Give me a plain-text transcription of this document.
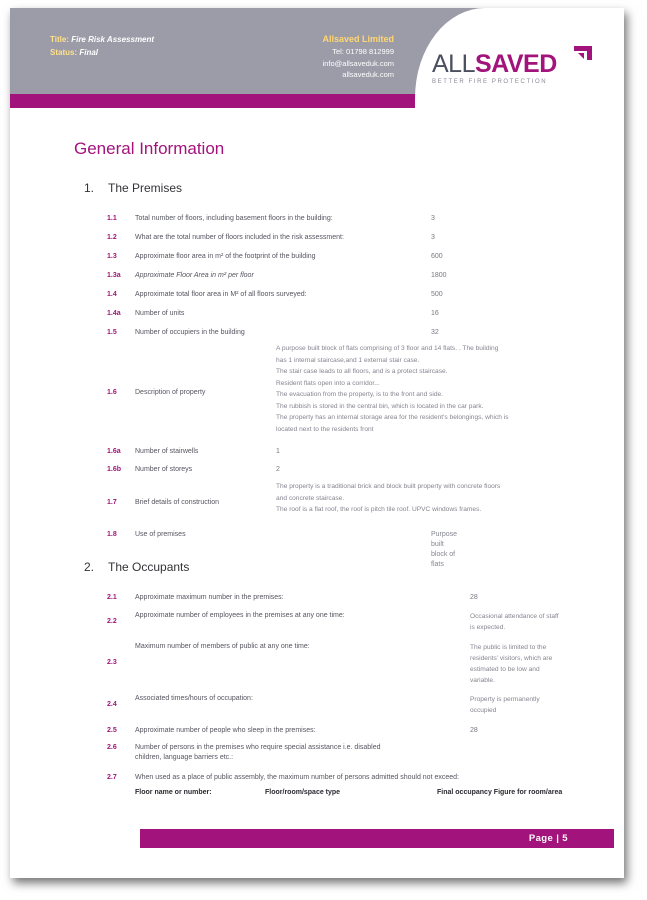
Title: Fire Risk Assessment
Status: Final
Allsaved Limited
Tel: 01798 812999
info@allsaveduk.com
allsaveduk.com ALLSAVED
BETTER FIRE PROTECTION
General Information
1. The Premises
1.1	Total number of floors, including basement floors in the building:	3
1.2	What are the total number of floors included in the risk assessment:	3
1.3	Approximate floor area in m² of the footprint of the building	600
1.3a	Approximate Floor Area in m² per floor	1800
1.4	Approximate total floor area in M² of all floors surveyed:	500
1.4a	Number of units	16
1.5	Number of occupiers in the building	32
1.6	Description of property
A purpose built block of flats comprising of 3 floor and 14 flats. . The building
has 1 internal staircase,and 1 external stair case.
The stair case leads to all floors, and is a protect staircase.
Resident flats open into a corridor...
The evacuation from the property, is to the front and side.
The rubbish is stored in the central bin, which is located in the car park.
The property has an internal storage area for the resident's belongings, which is
located next to the residents front
1.6a	Number of stairwells	1
1.6b	Number of storeys	2
1.7	Brief details of construction
The property is a traditional brick and block built property with concrete floors
and concrete staircase.
The roof is a flat roof, the roof is pitch tile roof. UPVC windows frames.
1.8	Use of premises	Purpose built block of flats
2. The Occupants
2.1	Approximate maximum number in the premises:	28
2.2
Approximate number of employees in the premises at any one time:	Occasional attendance of staff
is expected.
2.3
Maximum number of members of public at any one time:	The public is limited to the
residents' visitors, which are
estimated to be low and
variable.
2.4
Associated times/hours of occupation:	Property is permanently
occupied
2.5	Approximate number of people who sleep in the premises:	28
2.6	Number of persons in the premises who require special assistance i.e. disabled
children, language barriers etc.:
2.7	When used as a place of public assembly, the maximum number of persons admitted should not exceed:
Floor name or number:	Floor/room/space type	Final occupancy Figure for room/area
Page | 5
